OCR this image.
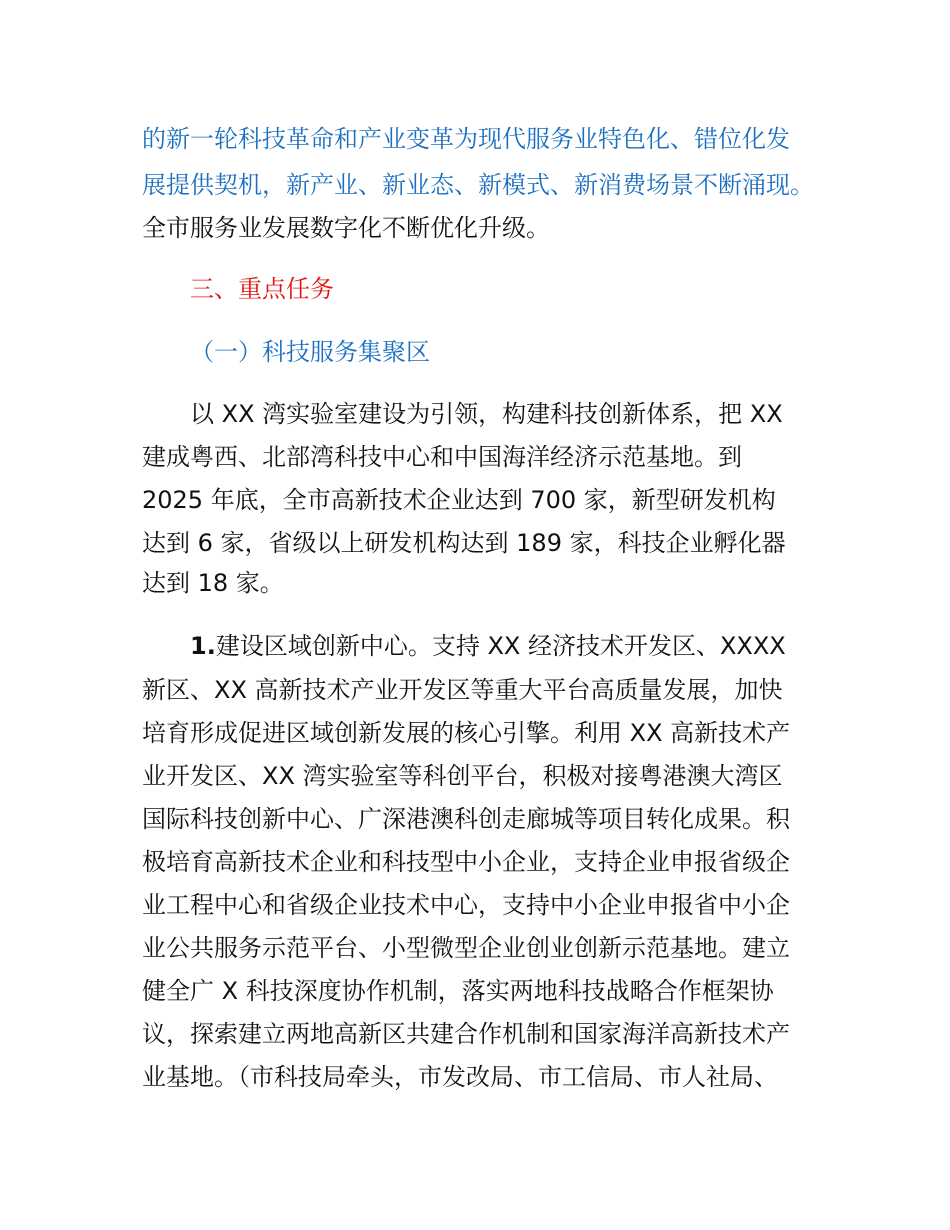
的新一轮科技革命和产业变革为现代服务业特色化、错位化发
展提供契机，新产业、新业态、新模式、新消费场景不断涌现。
全市服务业发展数字化不断优化升级。
三、重点任务
（一）科技服务集聚区
以 XX 湾实验室建设为引领，构建科技创新体系，把 XX
建成粤西、北部湾科技中心和中国海洋经济示范基地。到
2025 年底，全市高新技术企业达到 700 家，新型研发机构
达到 6 家，省级以上研发机构达到 189 家，科技企业孵化器
达到 18 家。
1.建设区域创新中心。支持 XX 经济技术开发区、XXXX
新区、XX 高新技术产业开发区等重大平台高质量发展，加快
培育形成促进区域创新发展的核心引擎。利用 XX 高新技术产
业开发区、XX 湾实验室等科创平台，积极对接粤港澳大湾区
国际科技创新中心、广深港澳科创走廊城等项目转化成果。积
极培育高新技术企业和科技型中小企业，支持企业申报省级企
业工程中心和省级企业技术中心，支持中小企业申报省中小企
业公共服务示范平台、小型微型企业创业创新示范基地。建立
健全广 X 科技深度协作机制，落实两地科技战略合作框架协
议，探索建立两地高新区共建合作机制和国家海洋高新技术产
业基地。（市科技局牵头，市发改局、市工信局、市人社局、
